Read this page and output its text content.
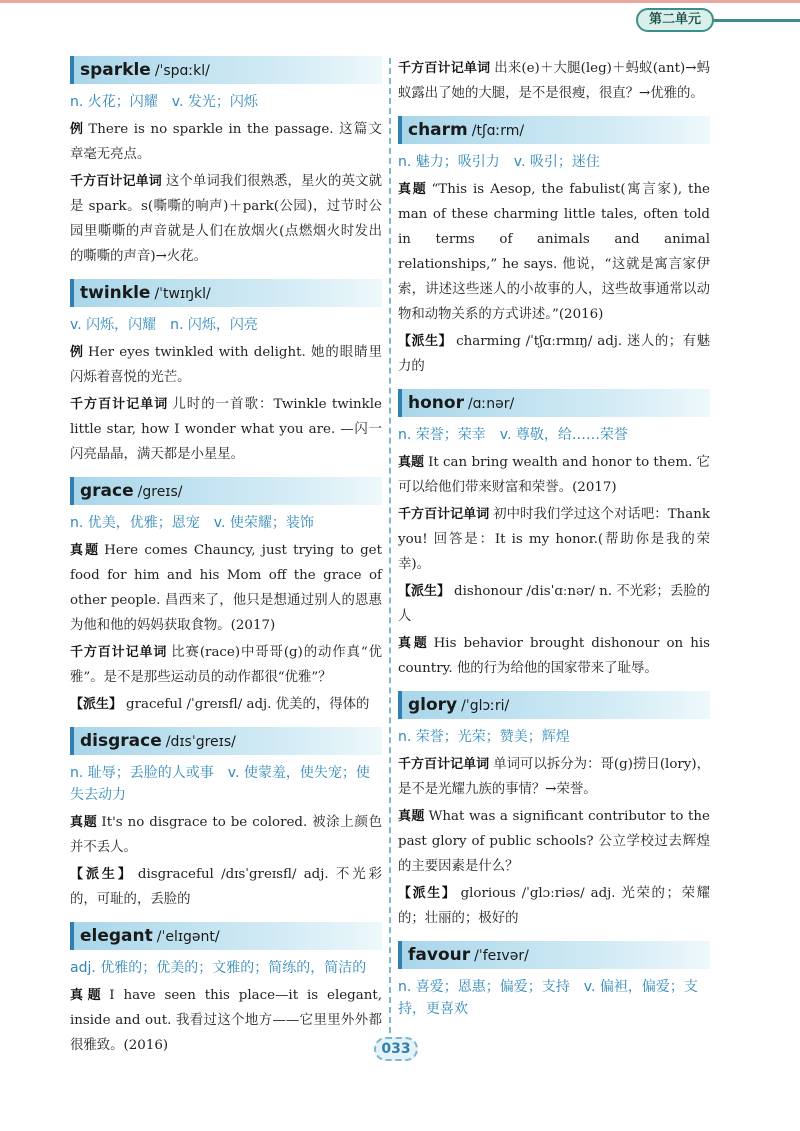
第二单元
sparkle /ˈspɑːkl/
n. 火花；闪耀　v. 发光；闪烁
例 There is no sparkle in the passage. 这篇文章毫无亮点。
千方百计记单词 这个单词我们很熟悉，星火的英文就是 spark。s(嘶嘶的响声)＋park(公园)，过节时公园里嘶嘶的声音就是人们在放烟火(点燃烟火时发出的嘶嘶的声音)→火花。
twinkle /ˈtwɪŋkl/
v. 闪烁，闪耀　n. 闪烁，闪亮
例 Her eyes twinkled with delight. 她的眼睛里闪烁着喜悦的光芒。
千方百计记单词 儿时的一首歌：Twinkle twinkle little star, how I wonder what you are. —闪一闪亮晶晶，满天都是小星星。
grace /greɪs/
n. 优美，优雅；恩宠　v. 使荣耀；装饰
真题 Here comes Chauncy, just trying to get food for him and his Mom off the grace of other people. 昌西来了，他只是想通过别人的恩惠为他和他的妈妈获取食物。(2017)
千方百计记单词 比赛(race)中哥哥(g)的动作真“优雅”。是不是那些运动员的动作都很“优雅”？
【派生】 graceful /ˈgreɪsfl/ adj. 优美的，得体的
disgrace /dɪsˈgreɪs/
n. 耻辱；丢脸的人或事　v. 使蒙羞，使失宠；使失去动力
真题 It's no disgrace to be colored. 被涂上颜色并不丢人。
【派生】 disgraceful /dɪsˈgreɪsfl/ adj. 不光彩的，可耻的，丢脸的
elegant /ˈelɪgənt/
adj. 优雅的；优美的；文雅的；简练的，简洁的
真题 I have seen this place—it is elegant, inside and out. 我看过这个地方——它里里外外都很雅致。(2016)
千方百计记单词 出来(e)＋大腿(leg)＋蚂蚁(ant)→蚂蚁露出了她的大腿，是不是很瘦，很直？→优雅的。
charm /tʃɑːrm/
n. 魅力；吸引力　v. 吸引；迷住
真题 “This is Aesop, the fabulist(寓言家), the man of these charming little tales, often told in terms of animals and animal relationships,” he says. 他说，“这就是寓言家伊索，讲述这些迷人的小故事的人，这些故事通常以动物和动物关系的方式讲述。”(2016)
【派生】 charming /ˈtʃɑːrmɪŋ/ adj. 迷人的；有魅力的
honor /ɑːnər/
n. 荣誉；荣幸　v. 尊敬，给……荣誉
真题 It can bring wealth and honor to them. 它可以给他们带来财富和荣誉。(2017)
千方百计记单词 初中时我们学过这个对话吧：Thank you! 回答是：It is my honor.(帮助你是我的荣幸)。
【派生】 dishonour /disˈɑːnər/ n. 不光彩；丢脸的人
真题 His behavior brought dishonour on his country. 他的行为给他的国家带来了耻辱。
glory /ˈglɔːri/
n. 荣誉；光荣；赞美；辉煌
千方百计记单词 单词可以拆分为：哥(g)捞日(lory)，是不是光耀九族的事情？→荣誉。
真题 What was a significant contributor to the past glory of public schools? 公立学校过去辉煌的主要因素是什么？
【派生】 glorious /ˈglɔːriəs/ adj. 光荣的；荣耀的；壮丽的；极好的
favour /ˈfeɪvər/
n. 喜爱；恩惠；偏爱；支持　v. 偏袒，偏爱；支持，更喜欢
033
